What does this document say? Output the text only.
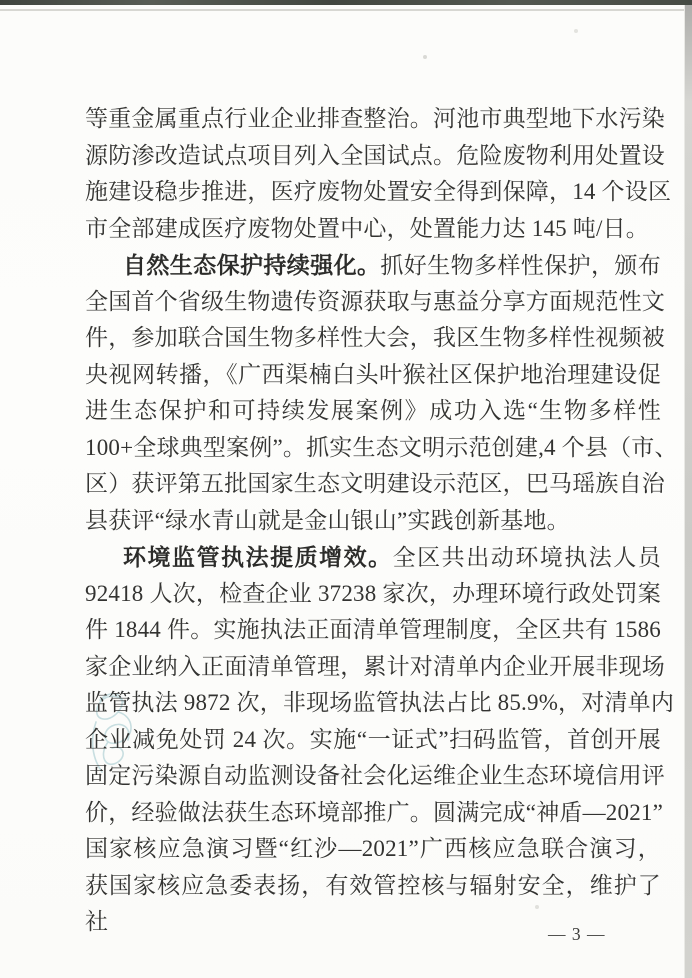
等重金属重点行业企业排查整治。河池市典型地下水污染
源防渗改造试点项目列入全国试点。危险废物利用处置设
施建设稳步推进，医疗废物处置安全得到保障，14 个设区
市全部建成医疗废物处置中心，处置能力达 145 吨/日。
自然生态保护持续强化。抓好生物多样性保护，颁布
全国首个省级生物遗传资源获取与惠益分享方面规范性文
件，参加联合国生物多样性大会，我区生物多样性视频被
央视网转播，《广西渠楠白头叶猴社区保护地治理建设促
进生态保护和可持续发展案例》成功入选“生物多样性
100+全球典型案例”。抓实生态文明示范创建,4 个县（市、
区）获评第五批国家生态文明建设示范区，巴马瑶族自治
县获评“绿水青山就是金山银山”实践创新基地。
环境监管执法提质增效。全区共出动环境执法人员
92418 人次，检查企业 37238 家次，办理环境行政处罚案
件 1844 件。实施执法正面清单管理制度，全区共有 1586
家企业纳入正面清单管理，累计对清单内企业开展非现场
监管执法 9872 次，非现场监管执法占比 85.9%，对清单内
企业减免处罚 24 次。实施“一证式”扫码监管，首创开展
固定污染源自动监测设备社会化运维企业生态环境信用评
价，经验做法获生态环境部推广。圆满完成“神盾—2021”
国家核应急演习暨“红沙—2021”广西核应急联合演习，
获国家核应急委表扬，有效管控核与辐射安全，维护了社	— 3 —
